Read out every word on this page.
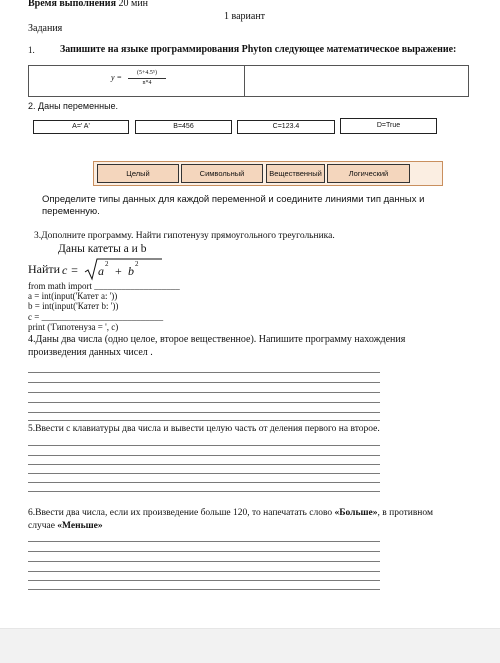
Время выполнения 20 мин
1 вариант
Задания
1.	Запишите на языке программирования Phyton следующее математическое выражение:
y =	(5+4.5⁵)
n*4
2. Даны переменные.
A=' A'	B=456	C=123.4	D=True
Целый	Символьный	Вещественный	Логический
Определите типы данных для каждой переменной и соедините линиями тип данных и переменную.
3.Дополните программу. Найти гипотенузу прямоугольного треугольника.
Даны катеты a и b
Найти c = a 2 + b 2
from math import ___________________
a = int(input('Катет a: '))
b = int(input('Катет b: '))
c = ___________________________
print ('Гипотенуза = ', c)
4.Даны два числа (одно целое, второе вещественное). Напишите программу нахождения произведения данных чисел .
5.Ввести с клавиатуры два числа и вывести целую часть от деления первого на второе.
6.Ввести два числа, если их произведение больше 120, то напечатать слово «Больше», в противном случае «Меньше»
